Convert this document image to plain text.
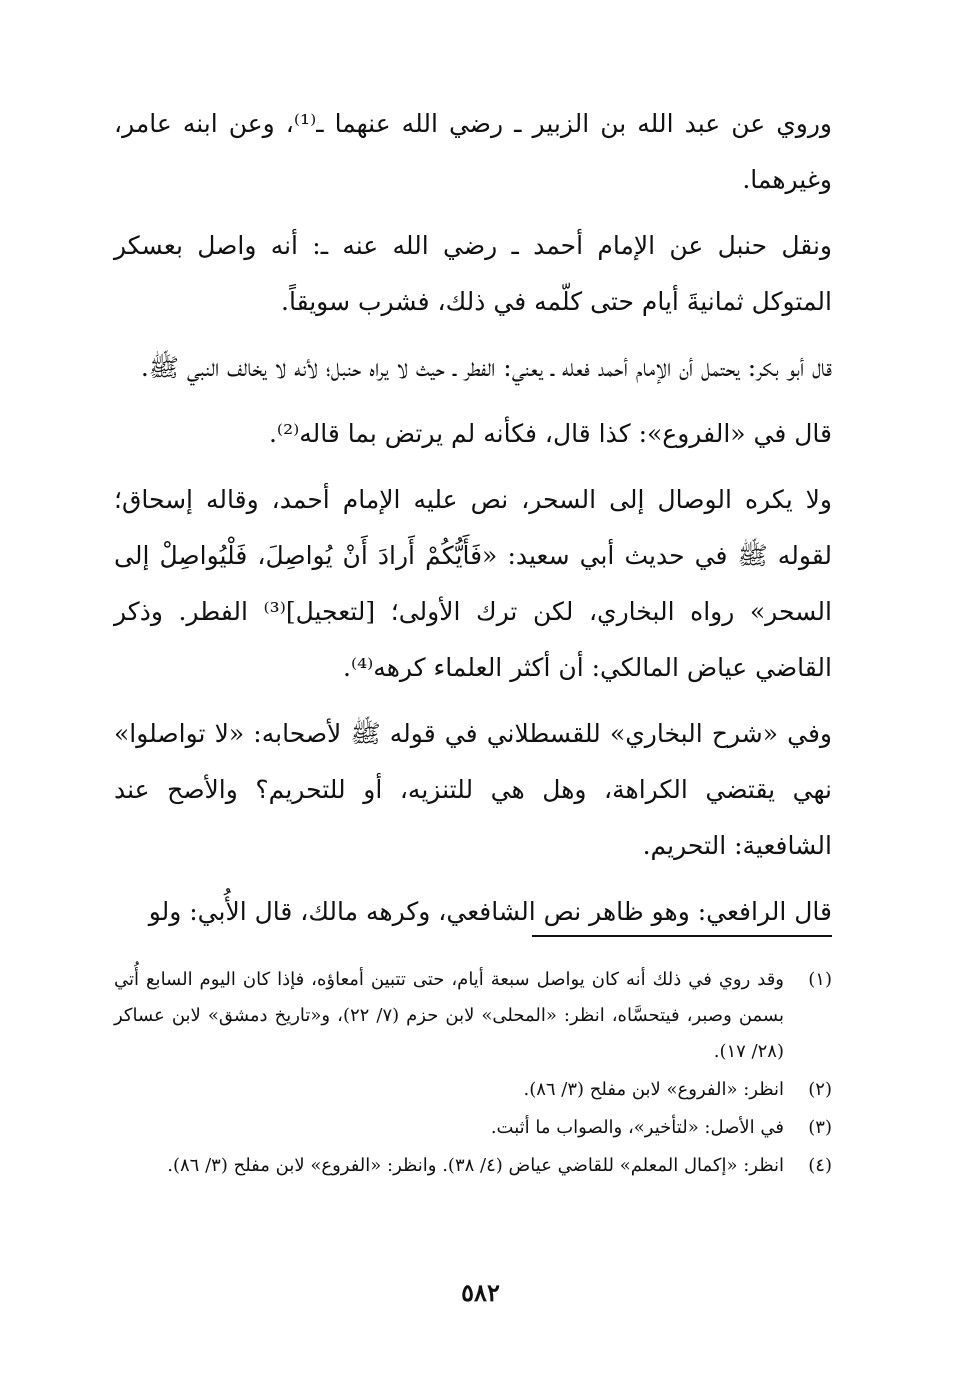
وروي عن عبد الله بن الزبير ـ رضي الله عنهما ـ⁽¹⁾، وعن ابنه عامر، وغيرهما.

ونقل حنبل عن الإمام أحمد ـ رضي الله عنه ـ: أنه واصل بعسكر المتوكل ثمانيةَ أيام حتى كلّمه في ذلك، فشرب سويقاً.

قال أبو بكر: يحتمل أن الإمام أحمد فعله ـ يعني: الفطر ـ حيث لا يراه حنبل؛ لأنه لا يخالف النبي ﷺ.

قال في «الفروع»: كذا قال، فكأنه لم يرتض بما قاله⁽²⁾.

ولا يكره الوصال إلى السحر، نص عليه الإمام أحمد، وقاله إسحاق؛ لقوله ﷺ في حديث أبي سعيد: «فَأَيُّكُمْ أَرادَ أَنْ يُواصِلَ، فَلْيُواصِلْ إلى السحر» رواه البخاري، لكن ترك الأولى؛ [لتعجيل]⁽³⁾ الفطر. وذكر القاضي عياض المالكي: أن أكثر العلماء كرهه⁽⁴⁾.

وفي «شرح البخاري» للقسطلاني في قوله ﷺ لأصحابه: «لا تواصلوا» نهي يقتضي الكراهة، وهل هي للتنزيه، أو للتحريم؟ والأصح عند الشافعية: التحريم.

قال الرافعي: وهو ظاهر نص الشافعي، وكرهه مالك، قال الأُبي: ولو

(١)
وقد روي في ذلك أنه كان يواصل سبعة أيام، حتى تتبين أمعاؤه، فإذا كان اليوم السابع أُتي بسمن وصبر، فيتحسَّاه، انظر: «المحلى» لابن حزم (٧/ ٢٢)، و«تاريخ دمشق» لابن عساكر (٢٨/ ١٧).
(٢)
انظر: «الفروع» لابن مفلح (٣/ ٨٦).
(٣)
في الأصل: «لتأخير»، والصواب ما أثبت.
(٤)
انظر: «إكمال المعلم» للقاضي عياض (٤/ ٣٨). وانظر: «الفروع» لابن مفلح (٣/ ٨٦).
٥٨٢
